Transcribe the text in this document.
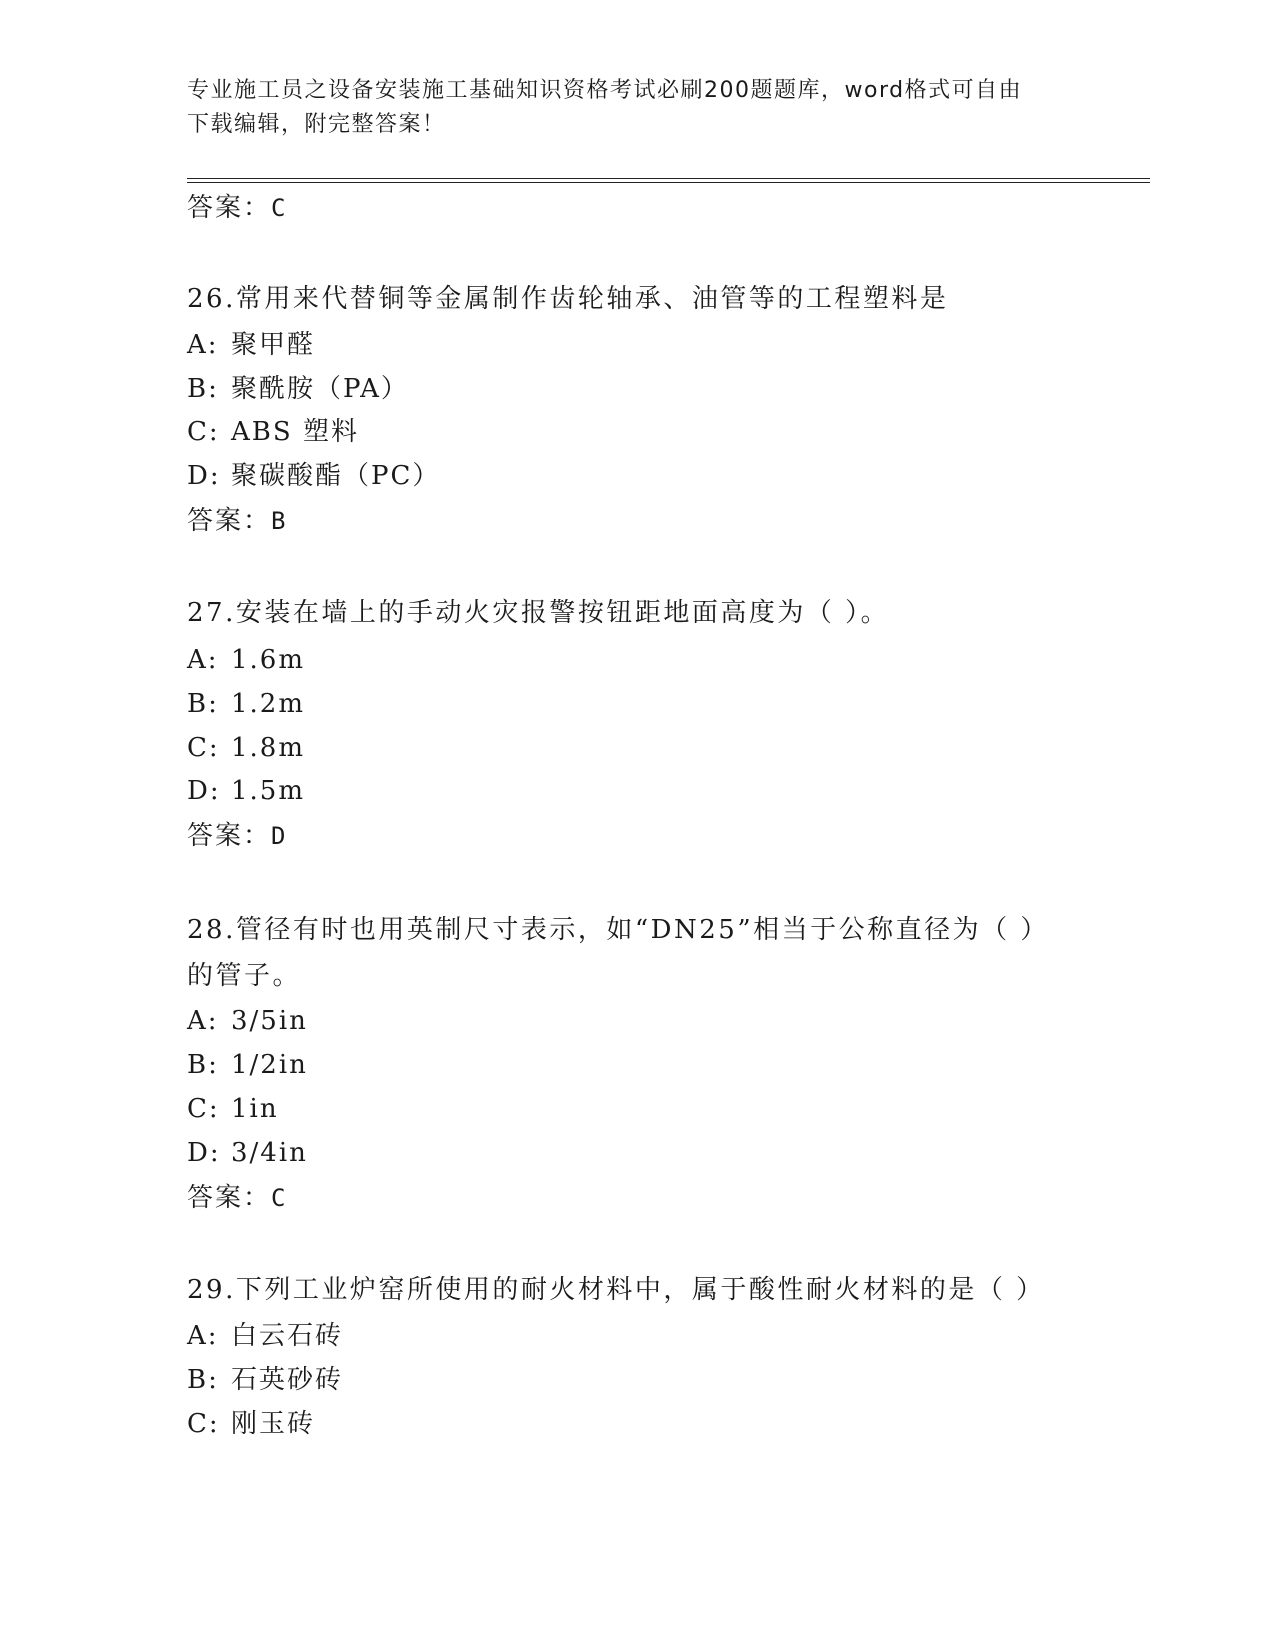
专业施工员之设备安装施工基础知识资格考试必刷200题题库，word格式可自由
下载编辑，附完整答案！
答案：C
26.常用来代替铜等金属制作齿轮轴承、油管等的工程塑料是
A: 聚甲醛
B: 聚酰胺（PA）
C: ABS 塑料
D: 聚碳酸酯（PC）
答案：B
27.安装在墙上的手动火灾报警按钮距地面高度为（ ）。
A: 1.6m
B: 1.2m
C: 1.8m
D: 1.5m
答案：D
28.管径有时也用英制尺寸表示，如“DN25”相当于公称直径为（ ）
的管子。
A: 3/5in
B: 1/2in
C: 1in
D: 3/4in
答案：C
29.下列工业炉窑所使用的耐火材料中，属于酸性耐火材料的是（ ）
A: 白云石砖
B: 石英砂砖
C: 刚玉砖
